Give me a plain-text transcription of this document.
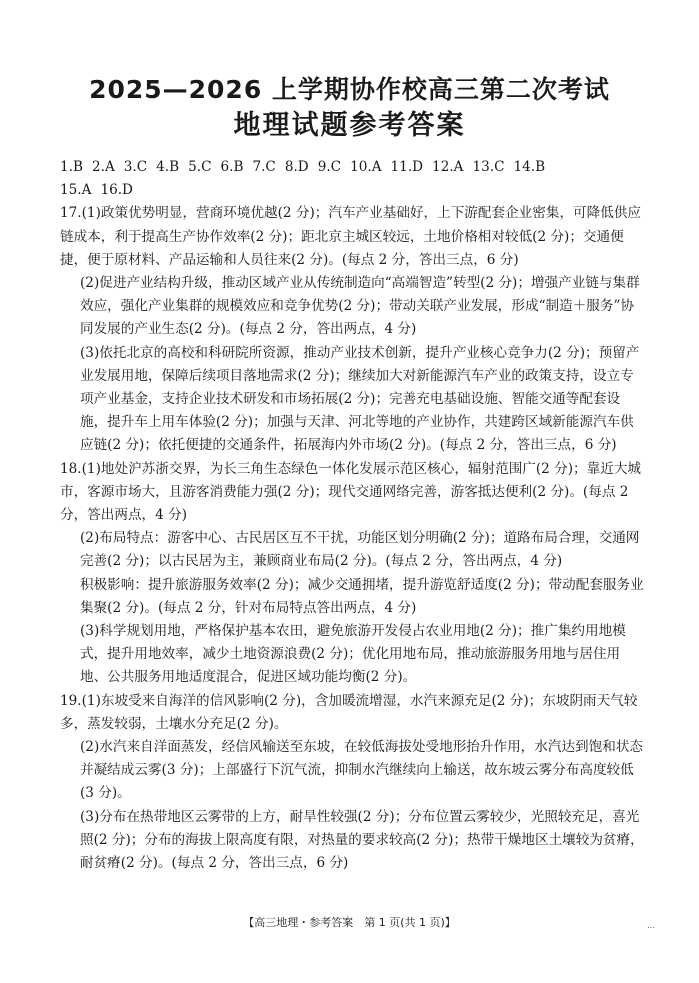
2025—2026 上学期协作校高三第二次考试
地理试题参考答案
1.B 2.A 3.C 4.B 5.C 6.B 7.C 8.D 9.C 10.A 11.D 12.A 13.C 14.B
15.A 16.D
17.(1)政策优势明显，营商环境优越(2 分)；汽车产业基础好，上下游配套企业密集，可降低供应链成本，利于提高生产协作效率(2 分)；距北京主城区较远，土地价格相对较低(2 分)；交通便捷，便于原材料、产品运输和人员往来(2 分)。(每点 2 分，答出三点，6 分)
(2)促进产业结构升级，推动区域产业从传统制造向“高端智造”转型(2 分)；增强产业链与集群效应，强化产业集群的规模效应和竞争优势(2 分)；带动关联产业发展，形成“制造＋服务”协同发展的产业生态(2 分)。(每点 2 分，答出两点，4 分)
(3)依托北京的高校和科研院所资源，推动产业技术创新，提升产业核心竞争力(2 分)；预留产业发展用地，保障后续项目落地需求(2 分)；继续加大对新能源汽车产业的政策支持，设立专项产业基金，支持企业技术研发和市场拓展(2 分)；完善充电基础设施、智能交通等配套设施，提升车上用车体验(2 分)；加强与天津、河北等地的产业协作，共建跨区域新能源汽车供应链(2 分)；依托便捷的交通条件，拓展海内外市场(2 分)。(每点 2 分，答出三点，6 分)
18.(1)地处沪苏浙交界，为长三角生态绿色一体化发展示范区核心，辐射范围广(2 分)；靠近大城市，客源市场大，且游客消费能力强(2 分)；现代交通网络完善，游客抵达便利(2 分)。(每点 2 分，答出两点，4 分)
(2)布局特点：游客中心、古民居区互不干扰，功能区划分明确(2 分)；道路布局合理，交通网完善(2 分)；以古民居为主，兼顾商业布局(2 分)。(每点 2 分，答出两点，4 分)
积极影响：提升旅游服务效率(2 分)；减少交通拥堵，提升游览舒适度(2 分)；带动配套服务业集聚(2 分)。(每点 2 分，针对布局特点答出两点，4 分)
(3)科学规划用地，严格保护基本农田，避免旅游开发侵占农业用地(2 分)；推广集约用地模式，提升用地效率，减少土地资源浪费(2 分)；优化用地布局，推动旅游服务用地与居住用地、公共服务用地适度混合，促进区域功能均衡(2 分)。
19.(1)东坡受来自海洋的信风影响(2 分)，含加暖流增湿，水汽来源充足(2 分)；东坡阴雨天气较多，蒸发较弱，土壤水分充足(2 分)。
(2)水汽来自洋面蒸发，经信风输送至东坡，在较低海拔处受地形抬升作用，水汽达到饱和状态并凝结成云雾(3 分)；上部盛行下沉气流，抑制水汽继续向上输送，故东坡云雾分布高度较低(3 分)。
(3)分布在热带地区云雾带的上方，耐旱性较强(2 分)；分布位置云雾较少，光照较充足，喜光照(2 分)；分布的海拔上限高度有限，对热量的要求较高(2 分)；热带干燥地区土壤较为贫瘠，耐贫瘠(2 分)。(每点 2 分，答出三点，6 分)
【高三地理・参考答案　第 1 页(共 1 页)】	…
